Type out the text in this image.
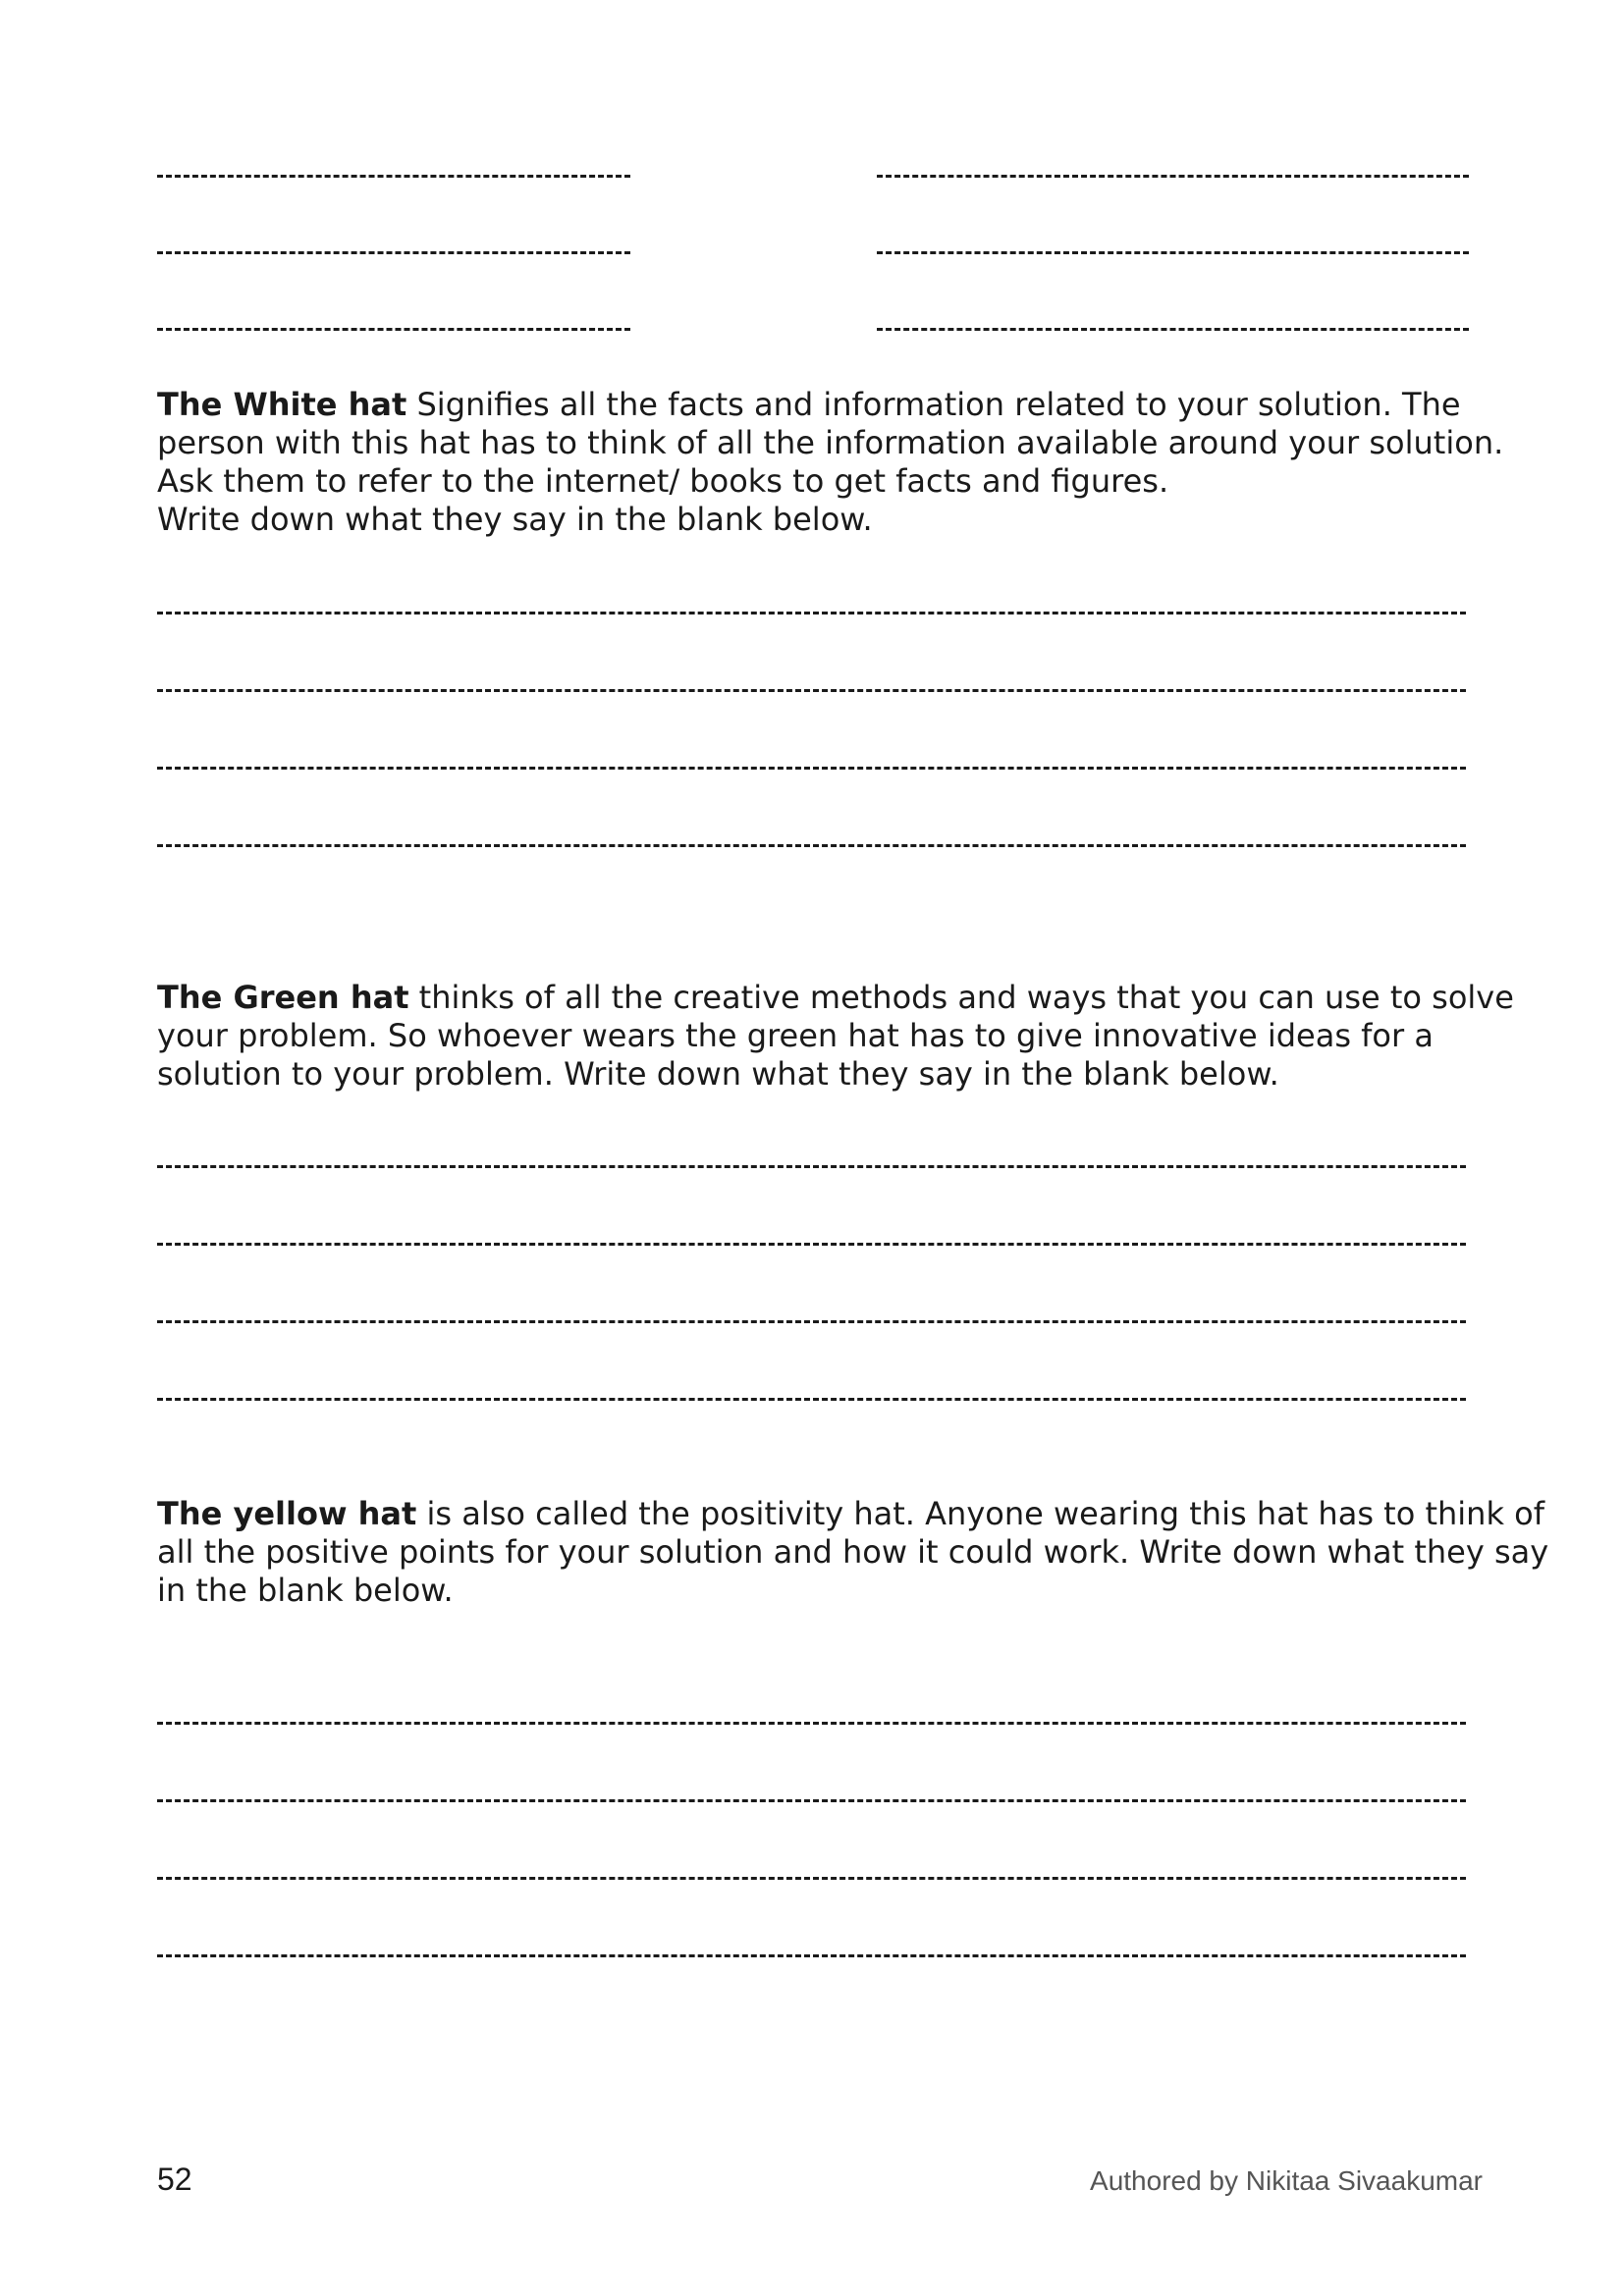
The White hat Signifies all the facts and information related to your solution. The
person with this hat has to think of all the information available around your solution.
Ask them to refer to the internet/ books to get facts and figures.
Write down what they say in the blank below.

The Green hat thinks of all the creative methods and ways that you can use to solve
your problem. So whoever wears the green hat has to give innovative ideas for a
solution to your problem. Write down what they say in the blank below.

The yellow hat is also called the positivity hat. Anyone wearing this hat has to think of
all the positive points for your solution and how it could work. Write down what they say
in the blank below.

52	Authored by Nikitaa Sivaakumar
